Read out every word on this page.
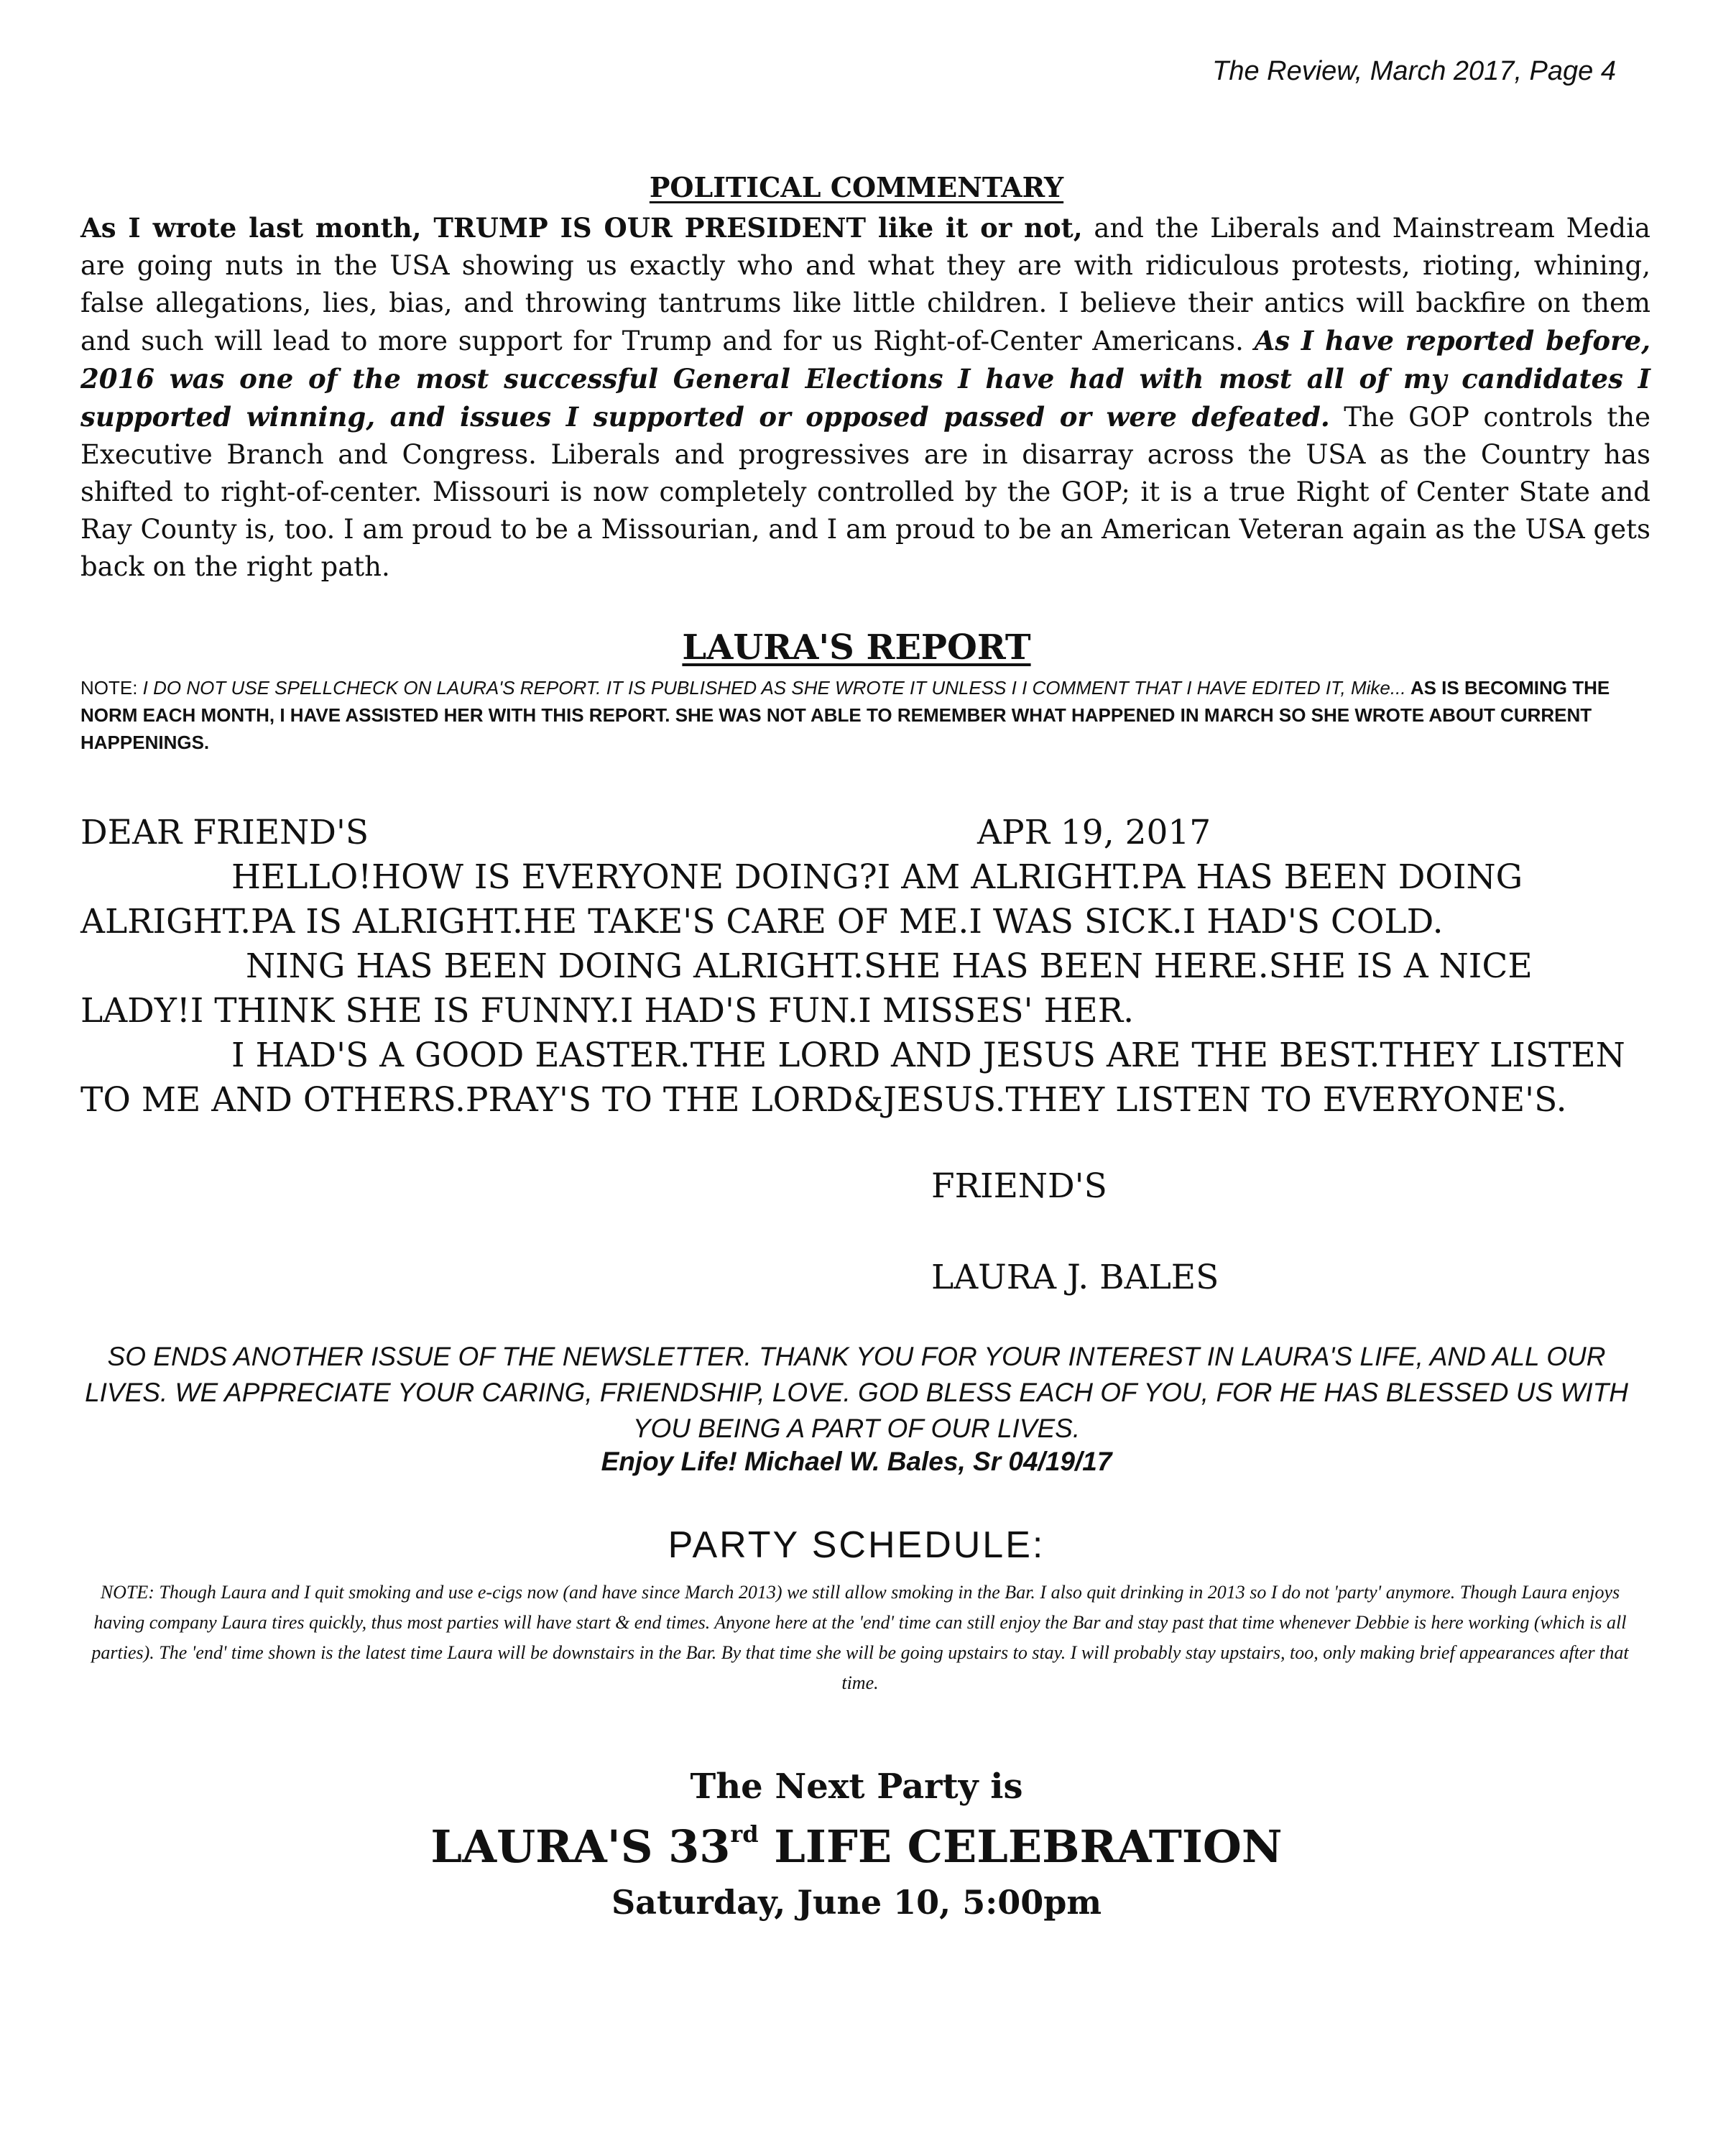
The Review, March 2017, Page 4
POLITICAL COMMENTARY
As I wrote last month, TRUMP IS OUR PRESIDENT like it or not, and the Liberals and Mainstream Media are going nuts in the USA showing us exactly who and what they are with ridiculous protests, rioting, whining, false allegations, lies, bias, and throwing tantrums like little children. I believe their antics will backfire on them and such will lead to more support for Trump and for us Right-of-Center Americans. As I have reported before, 2016 was one of the most successful General Elections I have had with most all of my candidates I supported winning, and issues I supported or opposed passed or were defeated. The GOP controls the Executive Branch and Congress. Liberals and progressives are in disarray across the USA as the Country has shifted to right-of-center. Missouri is now completely controlled by the GOP; it is a true Right of Center State and Ray County is, too. I am proud to be a Missourian, and I am proud to be an American Veteran again as the USA gets back on the right path.
LAURA'S REPORT
NOTE: I DO NOT USE SPELLCHECK ON LAURA'S REPORT. IT IS PUBLISHED AS SHE WROTE IT UNLESS I I COMMENT THAT I HAVE EDITED IT, Mike... AS IS BECOMING THE NORM EACH MONTH, I HAVE ASSISTED HER WITH THIS REPORT. SHE WAS NOT ABLE TO REMEMBER WHAT HAPPENED IN MARCH SO SHE WROTE ABOUT CURRENT HAPPENINGS.
DEAR FRIEND'S	APR 19, 2017

HELLO!HOW IS EVERYONE DOING?I AM ALRIGHT.PA HAS BEEN DOING ALRIGHT.PA IS ALRIGHT.HE TAKE'S CARE OF ME.I WAS SICK.I HAD'S COLD.

NING HAS BEEN DOING ALRIGHT.SHE HAS BEEN HERE.SHE IS A NICE LADY!I THINK SHE IS FUNNY.I HAD'S FUN.I MISSES' HER.

I HAD'S A GOOD EASTER.THE LORD AND JESUS ARE THE BEST.THEY LISTEN TO ME AND OTHERS.PRAY'S TO THE LORD&JESUS.THEY LISTEN TO EVERYONE'S.

FRIEND'S
LAURA J. BALES
SO ENDS ANOTHER ISSUE OF THE NEWSLETTER. THANK YOU FOR YOUR INTEREST IN LAURA'S LIFE, AND ALL OUR LIVES. WE APPRECIATE YOUR CARING, FRIENDSHIP, LOVE. GOD BLESS EACH OF YOU, FOR HE HAS BLESSED US WITH YOU BEING A PART OF OUR LIVES.
Enjoy Life! Michael W. Bales, Sr 04/19/17
PARTY SCHEDULE:
NOTE: Though Laura and I quit smoking and use e-cigs now (and have since March 2013) we still allow smoking in the Bar. I also quit drinking in 2013 so I do not 'party' anymore. Though Laura enjoys having company Laura tires quickly, thus most parties will have start & end times. Anyone here at the 'end' time can still enjoy the Bar and stay past that time whenever Debbie is here working (which is all parties). The 'end' time shown is the latest time Laura will be downstairs in the Bar. By that time she will be going upstairs to stay. I will probably stay upstairs, too, only making brief appearances after that time.
The Next Party is
LAURA'S 33rd LIFE CELEBRATION
Saturday, June 10, 5:00pm
